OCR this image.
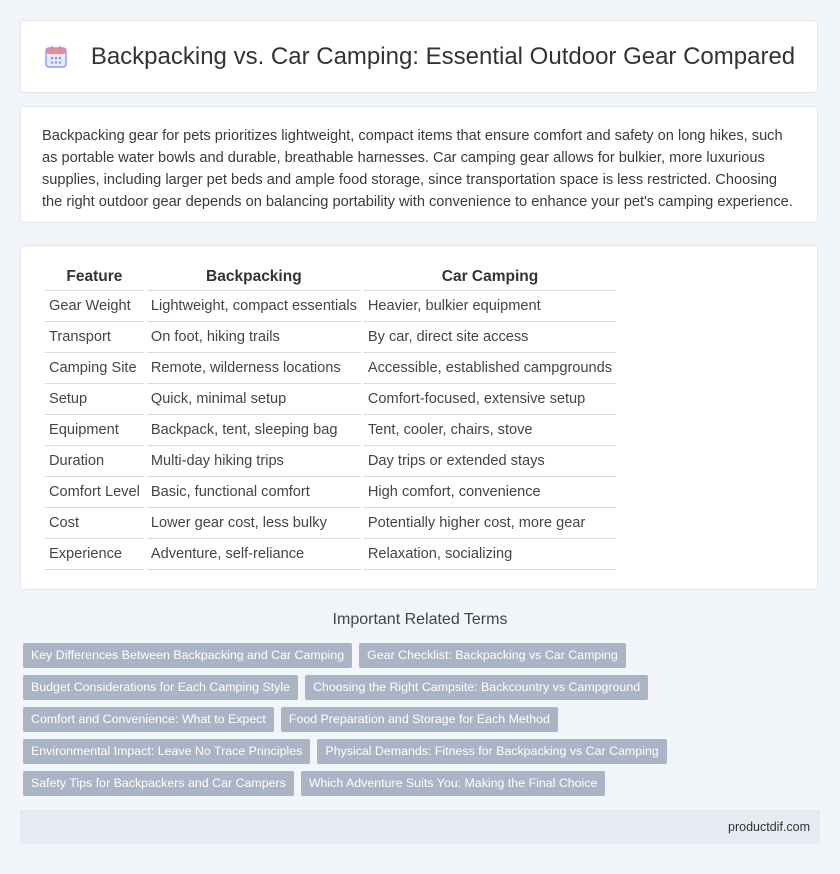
Backpacking vs. Car Camping: Essential Outdoor Gear Compared

Backpacking gear for pets prioritizes lightweight, compact items that ensure comfort and safety on long hikes, such as portable water bowls and durable, breathable harnesses. Car camping gear allows for bulkier, more luxurious supplies, including larger pet beds and ample food storage, since transportation space is less restricted. Choosing the right outdoor gear depends on balancing portability with convenience to enhance your pet's camping experience.

Feature	Backpacking	Car Camping
Gear Weight	Lightweight, compact essentials	Heavier, bulkier equipment
Transport	On foot, hiking trails	By car, direct site access
Camping Site	Remote, wilderness locations	Accessible, established campgrounds
Setup	Quick, minimal setup	Comfort-focused, extensive setup
Equipment	Backpack, tent, sleeping bag	Tent, cooler, chairs, stove
Duration	Multi-day hiking trips	Day trips or extended stays
Comfort Level	Basic, functional comfort	High comfort, convenience
Cost	Lower gear cost, less bulky	Potentially higher cost, more gear
Experience	Adventure, self-reliance	Relaxation, socializing
Important Related Terms
Key Differences Between Backpacking and Car Camping Gear Checklist: Backpacking vs Car CampingBudget Considerations for Each Camping Style Choosing the Right Campsite: Backcountry vs CampgroundComfort and Convenience: What to Expect Food Preparation and Storage for Each MethodEnvironmental Impact: Leave No Trace Principles Physical Demands: Fitness for Backpacking vs Car CampingSafety Tips for Backpackers and Car Campers Which Adventure Suits You: Making the Final Choice
productdif.com
